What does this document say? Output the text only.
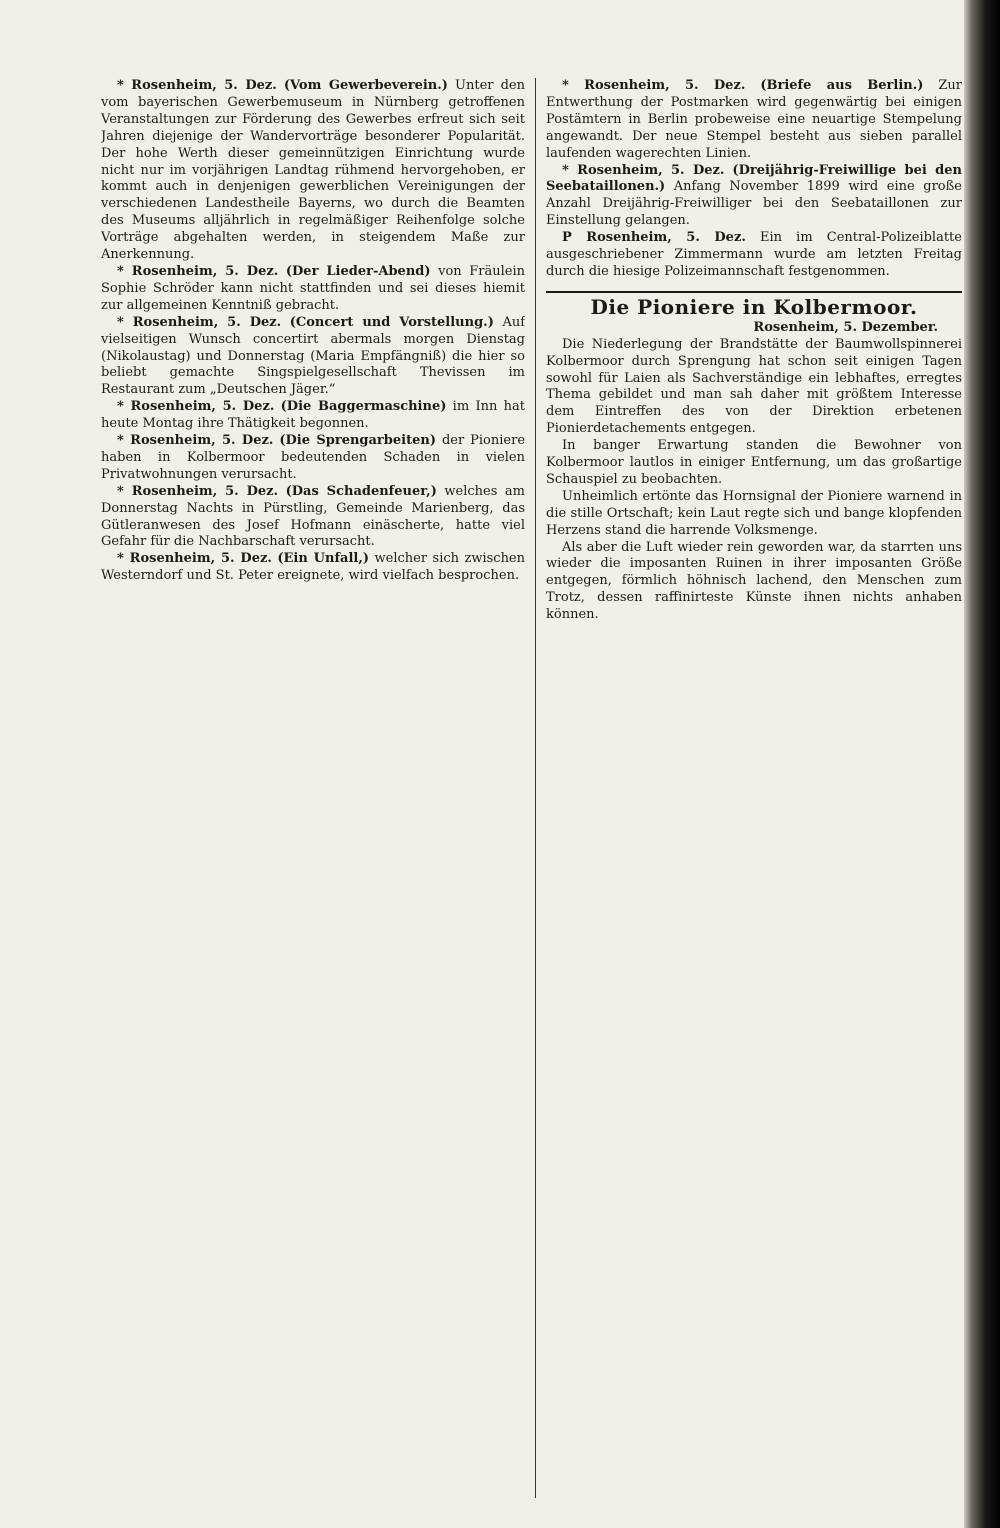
* Rosenheim, 5. Dez. (Vom Gewerbeverein.) Unter den vom bayerischen Gewerbemuseum in Nürnberg getroffenen Veranstaltungen zur Förderung des Gewerbes erfreut sich seit Jahren diejenige der Wandervorträge besonderer Popularität. Der hohe Werth dieser gemeinnützigen Einrichtung wurde nicht nur im vorjährigen Landtag rühmend hervorgehoben, er kommt auch in denjenigen gewerblichen Vereinigungen der verschiedenen Landestheile Bayerns, wo durch die Beamten des Museums alljährlich in regelmäßiger Reihenfolge solche Vorträge abgehalten werden, in steigendem Maße zur Anerkennung.

* Rosenheim, 5. Dez. (Der Lieder-Abend) von Fräulein Sophie Schröder kann nicht stattfinden und sei dieses hiemit zur allgemeinen Kenntniß gebracht.

* Rosenheim, 5. Dez. (Concert und Vorstellung.) Auf vielseitigen Wunsch concertirt abermals morgen Dienstag (Nikolaustag) und Donnerstag (Maria Empfängniß) die hier so beliebt gemachte Singspielgesellschaft Thevissen im Restaurant zum „Deutschen Jäger.“

* Rosenheim, 5. Dez. (Die Baggermaschine) im Inn hat heute Montag ihre Thätigkeit begonnen.

* Rosenheim, 5. Dez. (Die Sprengarbeiten) der Pioniere haben in Kolbermoor bedeutenden Schaden in vielen Privatwohnungen verursacht.

* Rosenheim, 5. Dez. (Das Schadenfeuer,) welches am Donnerstag Nachts in Pürstling, Gemeinde Marienberg, das Gütleranwesen des Josef Hofmann einäscherte, hatte viel Gefahr für die Nachbarschaft verursacht.

* Rosenheim, 5. Dez. (Ein Unfall,) welcher sich zwischen Westerndorf und St. Peter ereignete, wird vielfach besprochen.

* Rosenheim, 5. Dez. (Briefe aus Berlin.) Zur Entwerthung der Postmarken wird gegenwärtig bei einigen Postämtern in Berlin probeweise eine neuartige Stempelung angewandt. Der neue Stempel besteht aus sieben parallel laufenden wagerechten Linien.

* Rosenheim, 5. Dez. (Dreijährig-Freiwillige bei den Seebataillonen.) Anfang November 1899 wird eine große Anzahl Dreijährig-Freiwilliger bei den Seebataillonen zur Einstellung gelangen.

P Rosenheim, 5. Dez. Ein im Central-Polizeiblatte ausgeschriebener Zimmermann wurde am letzten Freitag durch die hiesige Polizeimannschaft festgenommen.

Die Pioniere in Kolbermoor.
Rosenheim, 5. Dezember.

Die Niederlegung der Brandstätte der Baumwollspinnerei Kolbermoor durch Sprengung hat schon seit einigen Tagen sowohl für Laien als Sachverständige ein lebhaftes, erregtes Thema gebildet und man sah daher mit größtem Interesse dem Eintreffen des von der Direktion erbetenen Pionierdetachements entgegen.

In banger Erwartung standen die Bewohner von Kolbermoor lautlos in einiger Entfernung, um das großartige Schauspiel zu beobachten.

Unheimlich ertönte das Hornsignal der Pioniere warnend in die stille Ortschaft; kein Laut regte sich und bange klopfenden Herzens stand die harrende Volksmenge.

Als aber die Luft wieder rein geworden war, da starrten uns wieder die imposanten Ruinen in ihrer imposanten Größe entgegen, förmlich höhnisch lachend, den Menschen zum Trotz, dessen raffinirteste Künste ihnen nichts anhaben können.
